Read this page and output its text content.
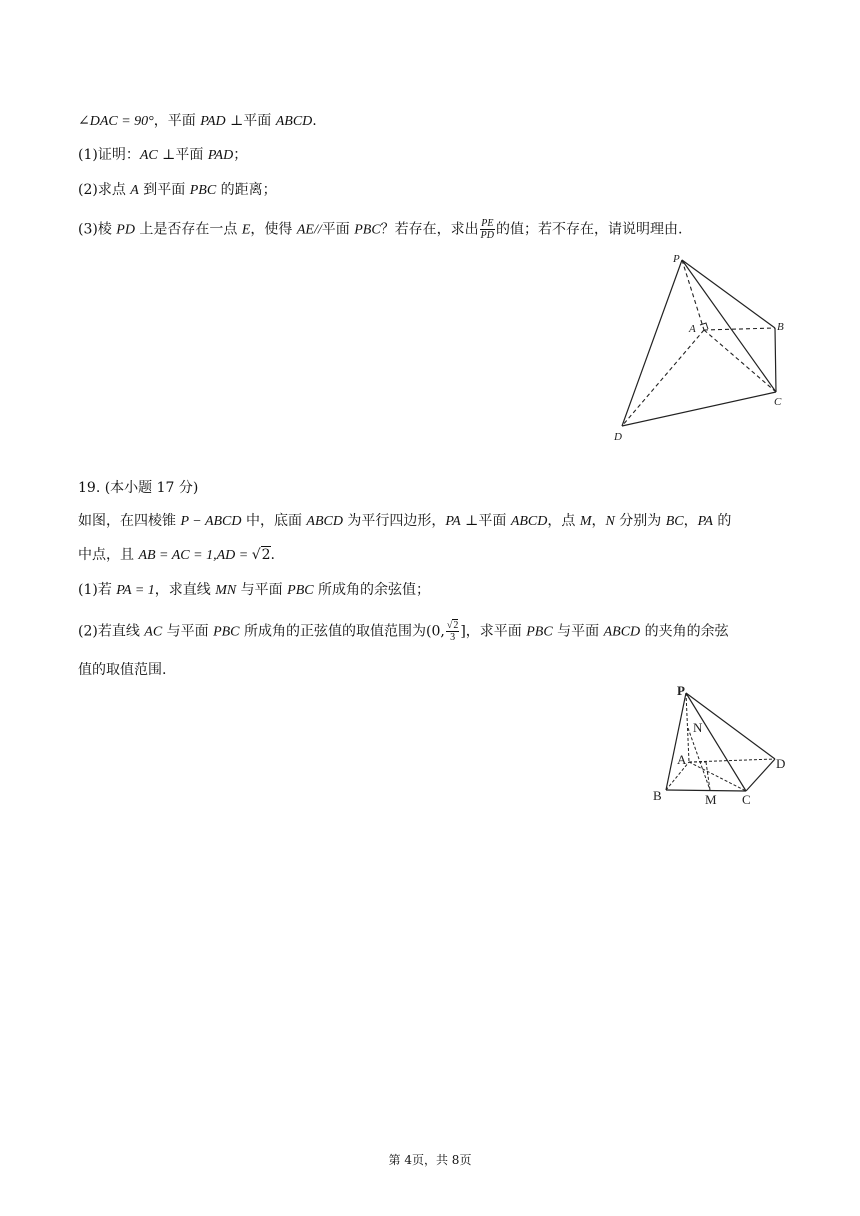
∠DAC = 90°，平面 PAD ⊥平面 ABCD.
(1)证明：AC ⊥平面 PAD；
(2)求点 A 到平面 PBC 的距离；
(3)棱 PD 上是否存在一点 E，使得 AE//平面 PBC？若存在，求出 $\frac{PE}{PD}$ 的值；若不存在，请说明理由.
P
A	B
C
D
19. (本小题 17 分)
如图，在四棱锥 P − ABCD 中，底面 ABCD 为平行四边形，PA ⊥平面 ABCD，点 M，N 分别为 BC，PA 的
中点，且 AB = AC = 1,AD = √2.
(1)若 PA = 1，求直线 MN 与平面 PBC 所成角的余弦值；
(2)若直线 AC 与平面 PBC 所成角的正弦值的取值范围为(0, $\frac{√2}{3}$ ]，求平面 PBC 与平面 ABCD 的夹角的余弦
值的取值范围.
P
N
A	D
B	M C
第 4页，共 8页
